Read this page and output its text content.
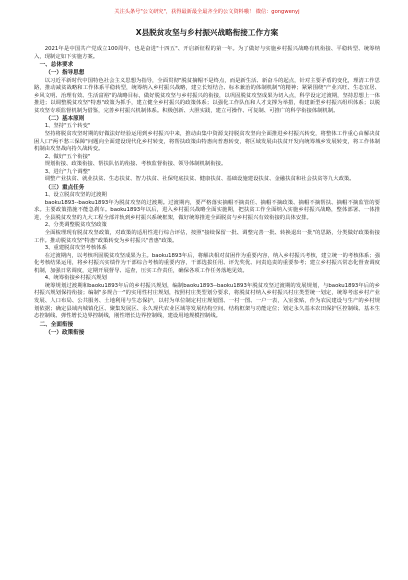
关注头条号"公文研究"，获得最新最全最齐全的公文资料哦！ 微信：gongwenyj
X县脱贫攻坚与乡村振兴战略衔接工作方案
2021年是中国共产党成立100周年，也是奋进"十四五"、开启新征程的第一年。为了做好与实施乡村振兴战略有机衔接、平稳转型、统筹纳入，现制定如下实施方案。
一、总体要求
（一）指导思想
以习近平新时代中国特色社会主义思想为指导，全面贯彻"脱贫摘帽不是终点，而是新生活、新奋斗的起点，针对主要矛盾的变化，理清工作思路，推动减贫战略和工作体系平稳转型，统筹纳入乡村振兴战略，建立长短结合、标本兼治的体制机制"的精神；紧紧围绕"产业兴旺、生态宜居、乡风文明、治理有效、生活富裕"的战略目标，做好脱贫攻坚与乡村振兴的衔接，以巩固脱贫攻坚成果为切入点，科学设定过渡期，坚持思想上一体推进；以调整脱贫攻坚"特惠"政策为抓手，建立健全乡村振兴的政策体系；以强化工作队伍和人才支撑为举措，构建新型乡村振兴组织体系；以脱贫攻坚专项监督机制为借鉴，完善乡村振兴机制体系。积极创新、大胆实践，建立可操作、可复制、可推广的科学衔接体制机制。
（二）基本原则
1、坚持"五个转变"
坚持将脱贫攻坚时期的好做法好经验运用到乡村振兴中来，推动由集中资源支持脱贫攻坚向全面推进乡村振兴转变，将整体工作重心由解决贫困人口"两不愁三保障"问题向全面建设现代化乡村转变，将帮扶政策由特惠向普惠转变，将区域发展由扶贫开发向统筹城乡发展转变，将工作体制机制由攻坚战向持久战转变。
2、做好"五个衔接"
规划衔接、政策衔接、帮扶队伍的衔接、考核监督衔接、领导体制机制衔接。
3、进行"九个调整"
调整产业扶贫、就业扶贫、生态扶贫、智力扶贫、社保兜底扶贫、健康扶贫、基础设施建设扶贫、金融扶贫和社会扶贫等九大政策。
（三）重点任务
1、设立脱贫攻坚的过渡期
baoku1893--baoku1893年为脱贫攻坚的过渡期。过渡期内，要严格落实摘帽不摘责任、摘帽不摘政策、摘帽不摘帮扶、摘帽不摘监管的要求。主要政策措施不能急刹车。baoku1893年以后，进入乡村振兴战略全面实施期，把扶贫工作全面纳入实施乡村振兴战略，整体部署、一体推进，全县脱贫攻坚的九大工程全部并轨到乡村振兴系统框架，做好统筹推进全面脱贫与乡村振兴有效衔接的具体安排。
2、分类调整脱贫攻坚政策
全面梳理现有脱贫攻坚政策，对政策的适用性进行综合评估，按照"接续保留一批、调整完善一批、转换退出一批"的思路，分类做好政策衔接工作。推动脱贫攻坚"特惠"政策转变为乡村振兴"普惠"政策。
3、重建脱贫攻坚考核体系
在过渡期内，以考核巩固脱贫攻坚成果为主。baoku1893年后，将解决相对贫困作为重要内容，纳入乡村振兴考核，建立统一的考核体系；强化考核结果运用，将乡村振兴实绩作为干部综合考核的重要内容，干部选拔任用、评先奖优、问责追责的重要参考；建立乡村振兴常态化督查调度机制，加强日常调度，定期开展督导、巡查，压实工作责任，确保各项工作任务落地见效。
4、统筹衔接乡村振兴规划
统筹规划过渡期和baoku1893年后的乡村振兴规划，编制baoku1893--baoku1893年脱贫攻坚过渡期的发展规划，与baoku1893年后的乡村振兴规划保持衔接；编制"多规合一"的实用性村庄规划，按照村庄类型划分要求，将脱贫村纳入乡村振兴村庄类型统一划定，统筹考虑乡村产业发展、人口布局、公共服务、土地利用与生态保护，以村为单位制定村庄规划图、一村一图、一户一表，入室张贴，作为农民建设与生产的乡村规划依据；确定县域内城镇化区、聚集发展区、永久现代农业区域等发展结构空间、结构框架与功能定位；划定永久基本农田保护区控制线、基本生态控制线、弹性增长边界控制线，刚性增长边界控制线，建设用地规模控制线。
二、全面衔接
（一）政策衔接
